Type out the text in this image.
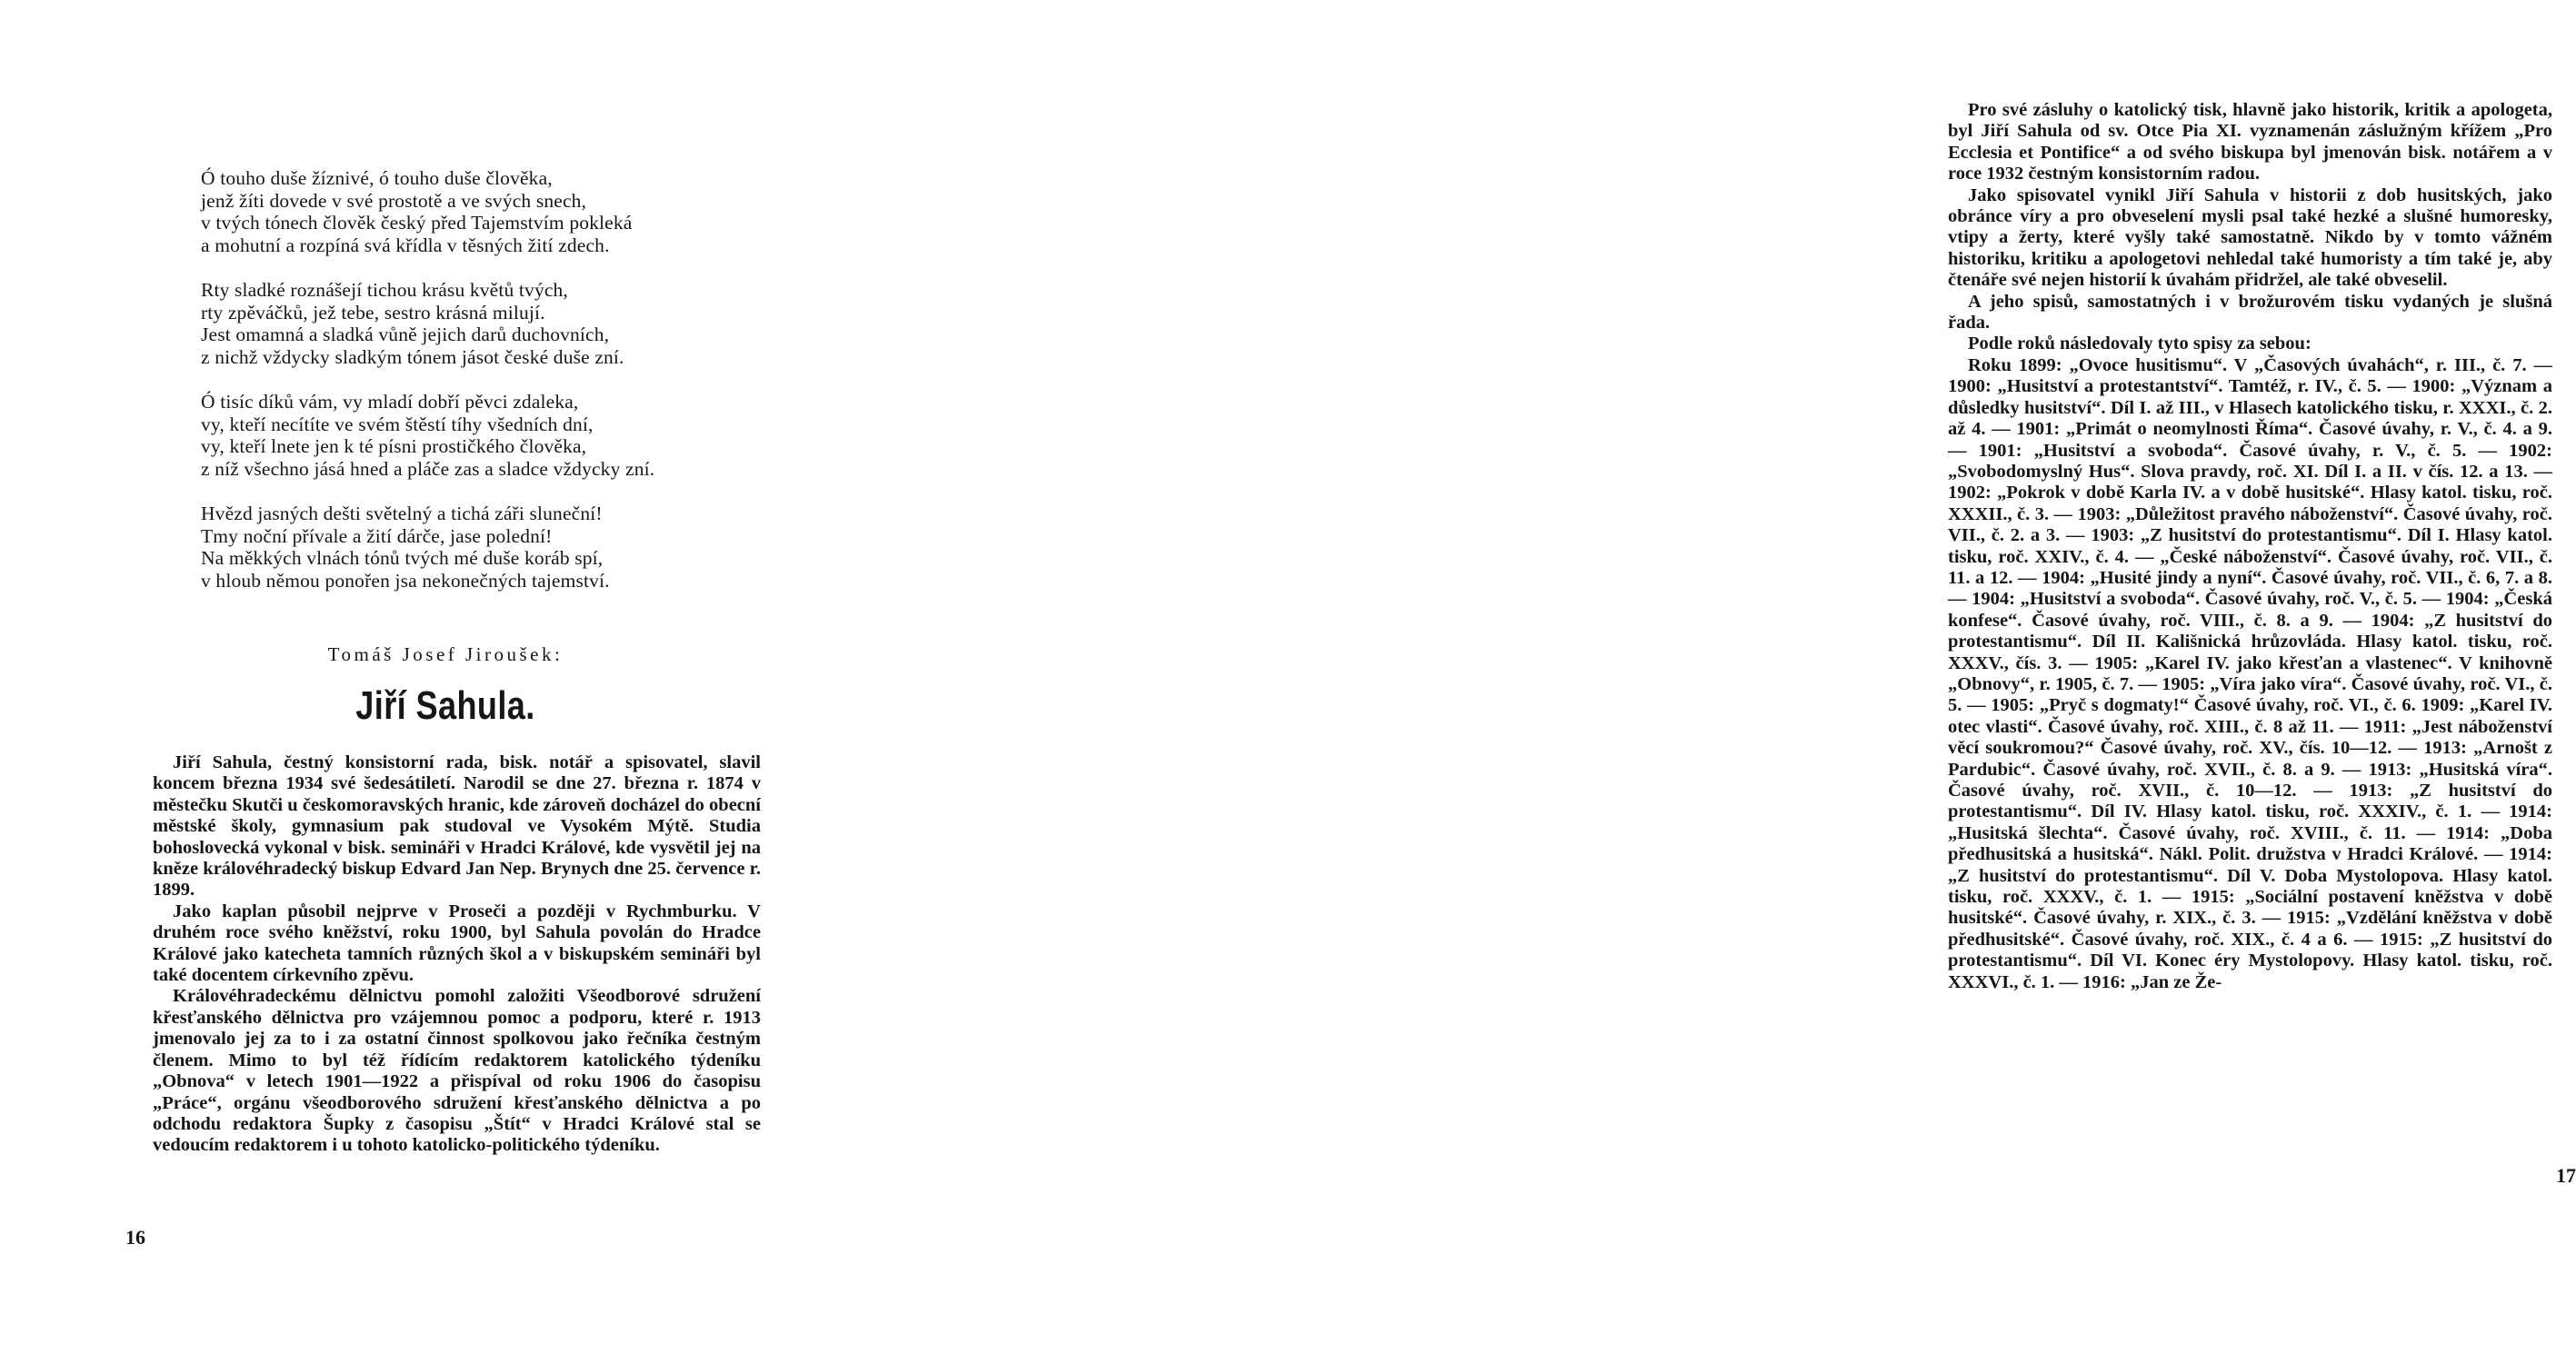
Ó touho duše žíznivé, ó touho duše člověka,
jenž žíti dovede v své prostotě a ve svých snech,
v tvých tónech člověk český před Tajemstvím pokleká
a mohutní a rozpíná svá křídla v těsných žití zdech.
Rty sladké roznášejí tichou krásu květů tvých,
rty zpěváčků, jež tebe, sestro krásná milují.
Jest omamná a sladká vůně jejich darů duchovních,
z nichž vždycky sladkým tónem jásot české duše zní.
Ó tisíc díků vám, vy mladí dobří pěvci zdaleka,
vy, kteří necítíte ve svém štěstí tíhy všedních dní,
vy, kteří lnete jen k té písni prostičkého člověka,
z níž všechno jásá hned a pláče zas a sladce vždycky zní.
Hvězd jasných dešti světelný a tichá záři sluneční!
Tmy noční přívale a žití dárče, jase polední!
Na měkkých vlnách tónů tvých mé duše koráb spí,
v hloub němou ponořen jsa nekonečných tajemství.
Tomáš Josef Jiroušek:
Jiří Sahula.

Jiří Sahula, čestný konsistorní rada, bisk. notář a spisovatel, slavil koncem března 1934 své šedesátiletí. Narodil se dne 27. března r. 1874 v městečku Skutči u českomoravských hranic, kde zároveň docházel do obecní městské školy, gymnasium pak studoval ve Vysokém Mýtě. Studia bohoslovecká vykonal v bisk. semináři v Hradci Králové, kde vysvětil jej na kněze královéhradecký biskup Edvard Jan Nep. Brynych dne 25. července r. 1899.

Jako kaplan působil nejprve v Proseči a později v Rychmburku. V druhém roce svého kněžství, roku 1900, byl Sahula povolán do Hradce Králové jako katecheta tamních různých škol a v biskupském semináři byl také docentem církevního zpěvu.

Královéhradeckému dělnictvu pomohl založiti Všeodborové sdružení křesťanského dělnictva pro vzájemnou pomoc a podporu, které r. 1913 jmenovalo jej za to i za ostatní činnost spolkovou jako řečníka čestným členem. Mimo to byl též řídícím redaktorem katolického týdeníku „Obnova“ v letech 1901—1922 a přispíval od roku 1906 do časopisu „Práce“, orgánu všeodborového sdružení křesťanského dělnictva a po odchodu redaktora Šupky z časopisu „Štít“ v Hradci Králové stal se vedoucím redaktorem i u tohoto katolicko-politického týdeníku.

16

Pro své zásluhy o katolický tisk, hlavně jako historik, kritik a apologeta, byl Jiří Sahula od sv. Otce Pia XI. vyznamenán záslužným křížem „Pro Ecclesia et Pontifice“ a od svého biskupa byl jmenován bisk. notářem a v roce 1932 čestným konsistorním radou.

Jako spisovatel vynikl Jiří Sahula v historii z dob husitských, jako obránce víry a pro obveselení mysli psal také hezké a slušné humoresky, vtipy a žerty, které vyšly také samostatně. Nikdo by v tomto vážném historiku, kritiku a apologetovi nehledal také humoristy a tím také je, aby čtenáře své nejen historií k úvahám přidržel, ale také obveselil.

A jeho spisů, samostatných i v brožurovém tisku vydaných je slušná řada.

Podle roků následovaly tyto spisy za sebou:

Roku 1899: „Ovoce husitismu“. V „Časových úvahách“, r. III., č. 7. — 1900: „Husitství a protestantství“. Tamtéž, r. IV., č. 5. — 1900: „Význam a důsledky husitství“. Díl I. až III., v Hlasech katolického tisku, r. XXXI., č. 2. až 4. — 1901: „Primát o neomylnosti Říma“. Časové úvahy, r. V., č. 4. a 9. — 1901: „Husitství a svoboda“. Časové úvahy, r. V., č. 5. — 1902: „Svobodomyslný Hus“. Slova pravdy, roč. XI. Díl I. a II. v čís. 12. a 13. — 1902: „Pokrok v době Karla IV. a v době husitské“. Hlasy katol. tisku, roč. XXXII., č. 3. — 1903: „Důležitost pravého náboženství“. Časové úvahy, roč. VII., č. 2. a 3. — 1903: „Z husitství do protestantismu“. Díl I. Hlasy katol. tisku, roč. XXIV., č. 4. — „České náboženství“. Časové úvahy, roč. VII., č. 11. a 12. — 1904: „Husité jindy a nyní“. Časové úvahy, roč. VII., č. 6, 7. a 8. — 1904: „Husitství a svoboda“. Časové úvahy, roč. V., č. 5. — 1904: „Česká konfese“. Časové úvahy, roč. VIII., č. 8. a 9. — 1904: „Z husitství do protestantismu“. Díl II. Kališnická hrůzovláda. Hlasy katol. tisku, roč. XXXV., čís. 3. — 1905: „Karel IV. jako křesťan a vlastenec“. V knihovně „Obnovy“, r. 1905, č. 7. — 1905: „Víra jako víra“. Časové úvahy, roč. VI., č. 5. — 1905: „Pryč s dogmaty!“ Časové úvahy, roč. VI., č. 6. 1909: „Karel IV. otec vlasti“. Časové úvahy, roč. XIII., č. 8 až 11. — 1911: „Jest náboženství věcí soukromou?“ Časové úvahy, roč. XV., čís. 10—12. — 1913: „Arnošt z Pardubic“. Časové úvahy, roč. XVII., č. 8. a 9. — 1913: „Husitská víra“. Časové úvahy, roč. XVII., č. 10—12. — 1913: „Z husitství do protestantismu“. Díl IV. Hlasy katol. tisku, roč. XXXIV., č. 1. — 1914: „Husitská šlechta“. Časové úvahy, roč. XVIII., č. 11. — 1914: „Doba předhusitská a husitská“. Nákl. Polit. družstva v Hradci Králové. — 1914: „Z husitství do protestantismu“. Díl V. Doba Mystolopova. Hlasy katol. tisku, roč. XXXV., č. 1. — 1915: „Sociální postavení kněžstva v době husitské“. Časové úvahy, r. XIX., č. 3. — 1915: „Vzdělání kněžstva v době předhusitské“. Časové úvahy, roč. XIX., č. 4 a 6. — 1915: „Z husitství do protestantismu“. Díl VI. Konec éry Mystolopovy. Hlasy katol. tisku, roč. XXXVI., č. 1. — 1916: „Jan ze Že-

17
